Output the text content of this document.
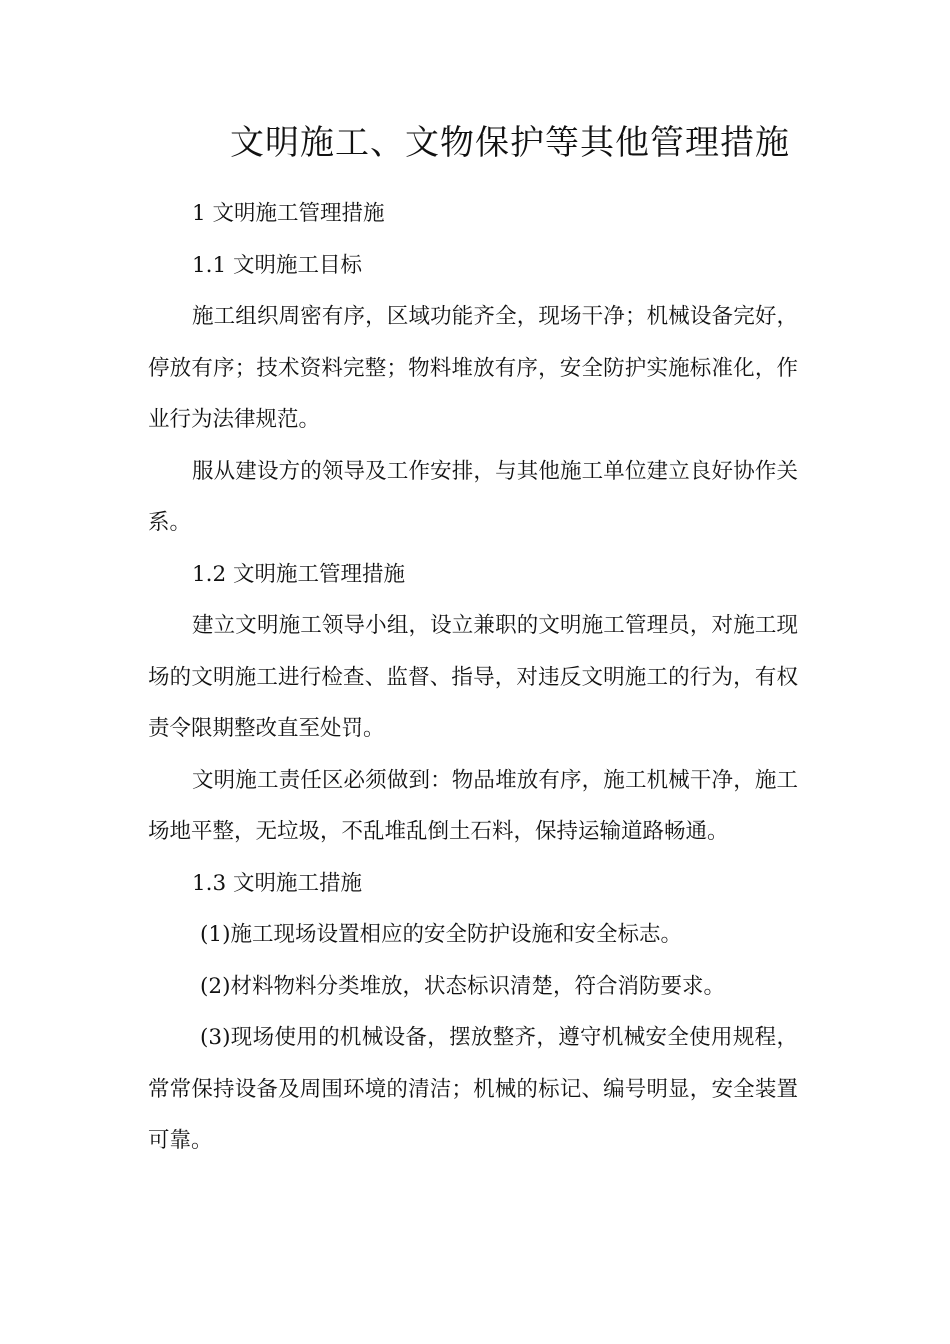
文明施工、文物保护等其他管理措施

1 文明施工管理措施

1.1 文明施工目标

施工组织周密有序，区域功能齐全，现场干净；机械设备完好，停放有序；技术资料完整；物料堆放有序，安全防护实施标准化，作业行为法律规范。

服从建设方的领导及工作安排，与其他施工单位建立良好协作关系。

1.2 文明施工管理措施

建立文明施工领导小组，设立兼职的文明施工管理员，对施工现场的文明施工进行检查、监督、指导，对违反文明施工的行为，有权责令限期整改直至处罚。

文明施工责任区必须做到：物品堆放有序，施工机械干净，施工场地平整，无垃圾，不乱堆乱倒土石料，保持运输道路畅通。

1.3 文明施工措施

(1)施工现场设置相应的安全防护设施和安全标志。

(2)材料物料分类堆放，状态标识清楚，符合消防要求。

(3)现场使用的机械设备，摆放整齐，遵守机械安全使用规程，常常保持设备及周围环境的清洁；机械的标记、编号明显，安全装置可靠。
